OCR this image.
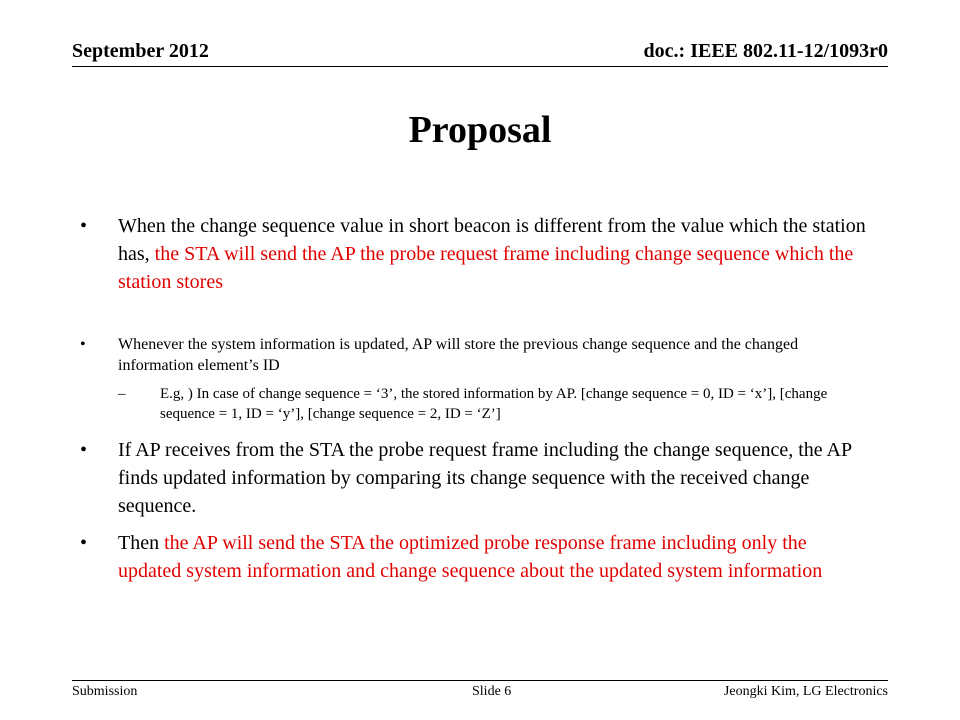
September 2012	doc.: IEEE 802.11-12/1093r0
Proposal
• When the change sequence value in short beacon is different from the value which the station has, the STA will send the AP the probe request frame including change sequence which the station stores
• Whenever the system information is updated, AP will store the previous change sequence and the changed information element’s ID
– E.g, ) In case of change sequence = ‘3’, the stored information by AP. [change sequence = 0, ID = ‘x’], [change sequence = 1, ID = ‘y’], [change sequence = 2, ID = ‘Z’]
• If AP receives from the STA the probe request frame including the change sequence, the AP finds updated information by comparing its change sequence with the received change sequence.
• Then the AP will send the STA the optimized probe response frame including only the updated system information and change sequence about the updated system information
Submission	Slide 6	Jeongki Kim, LG Electronics
